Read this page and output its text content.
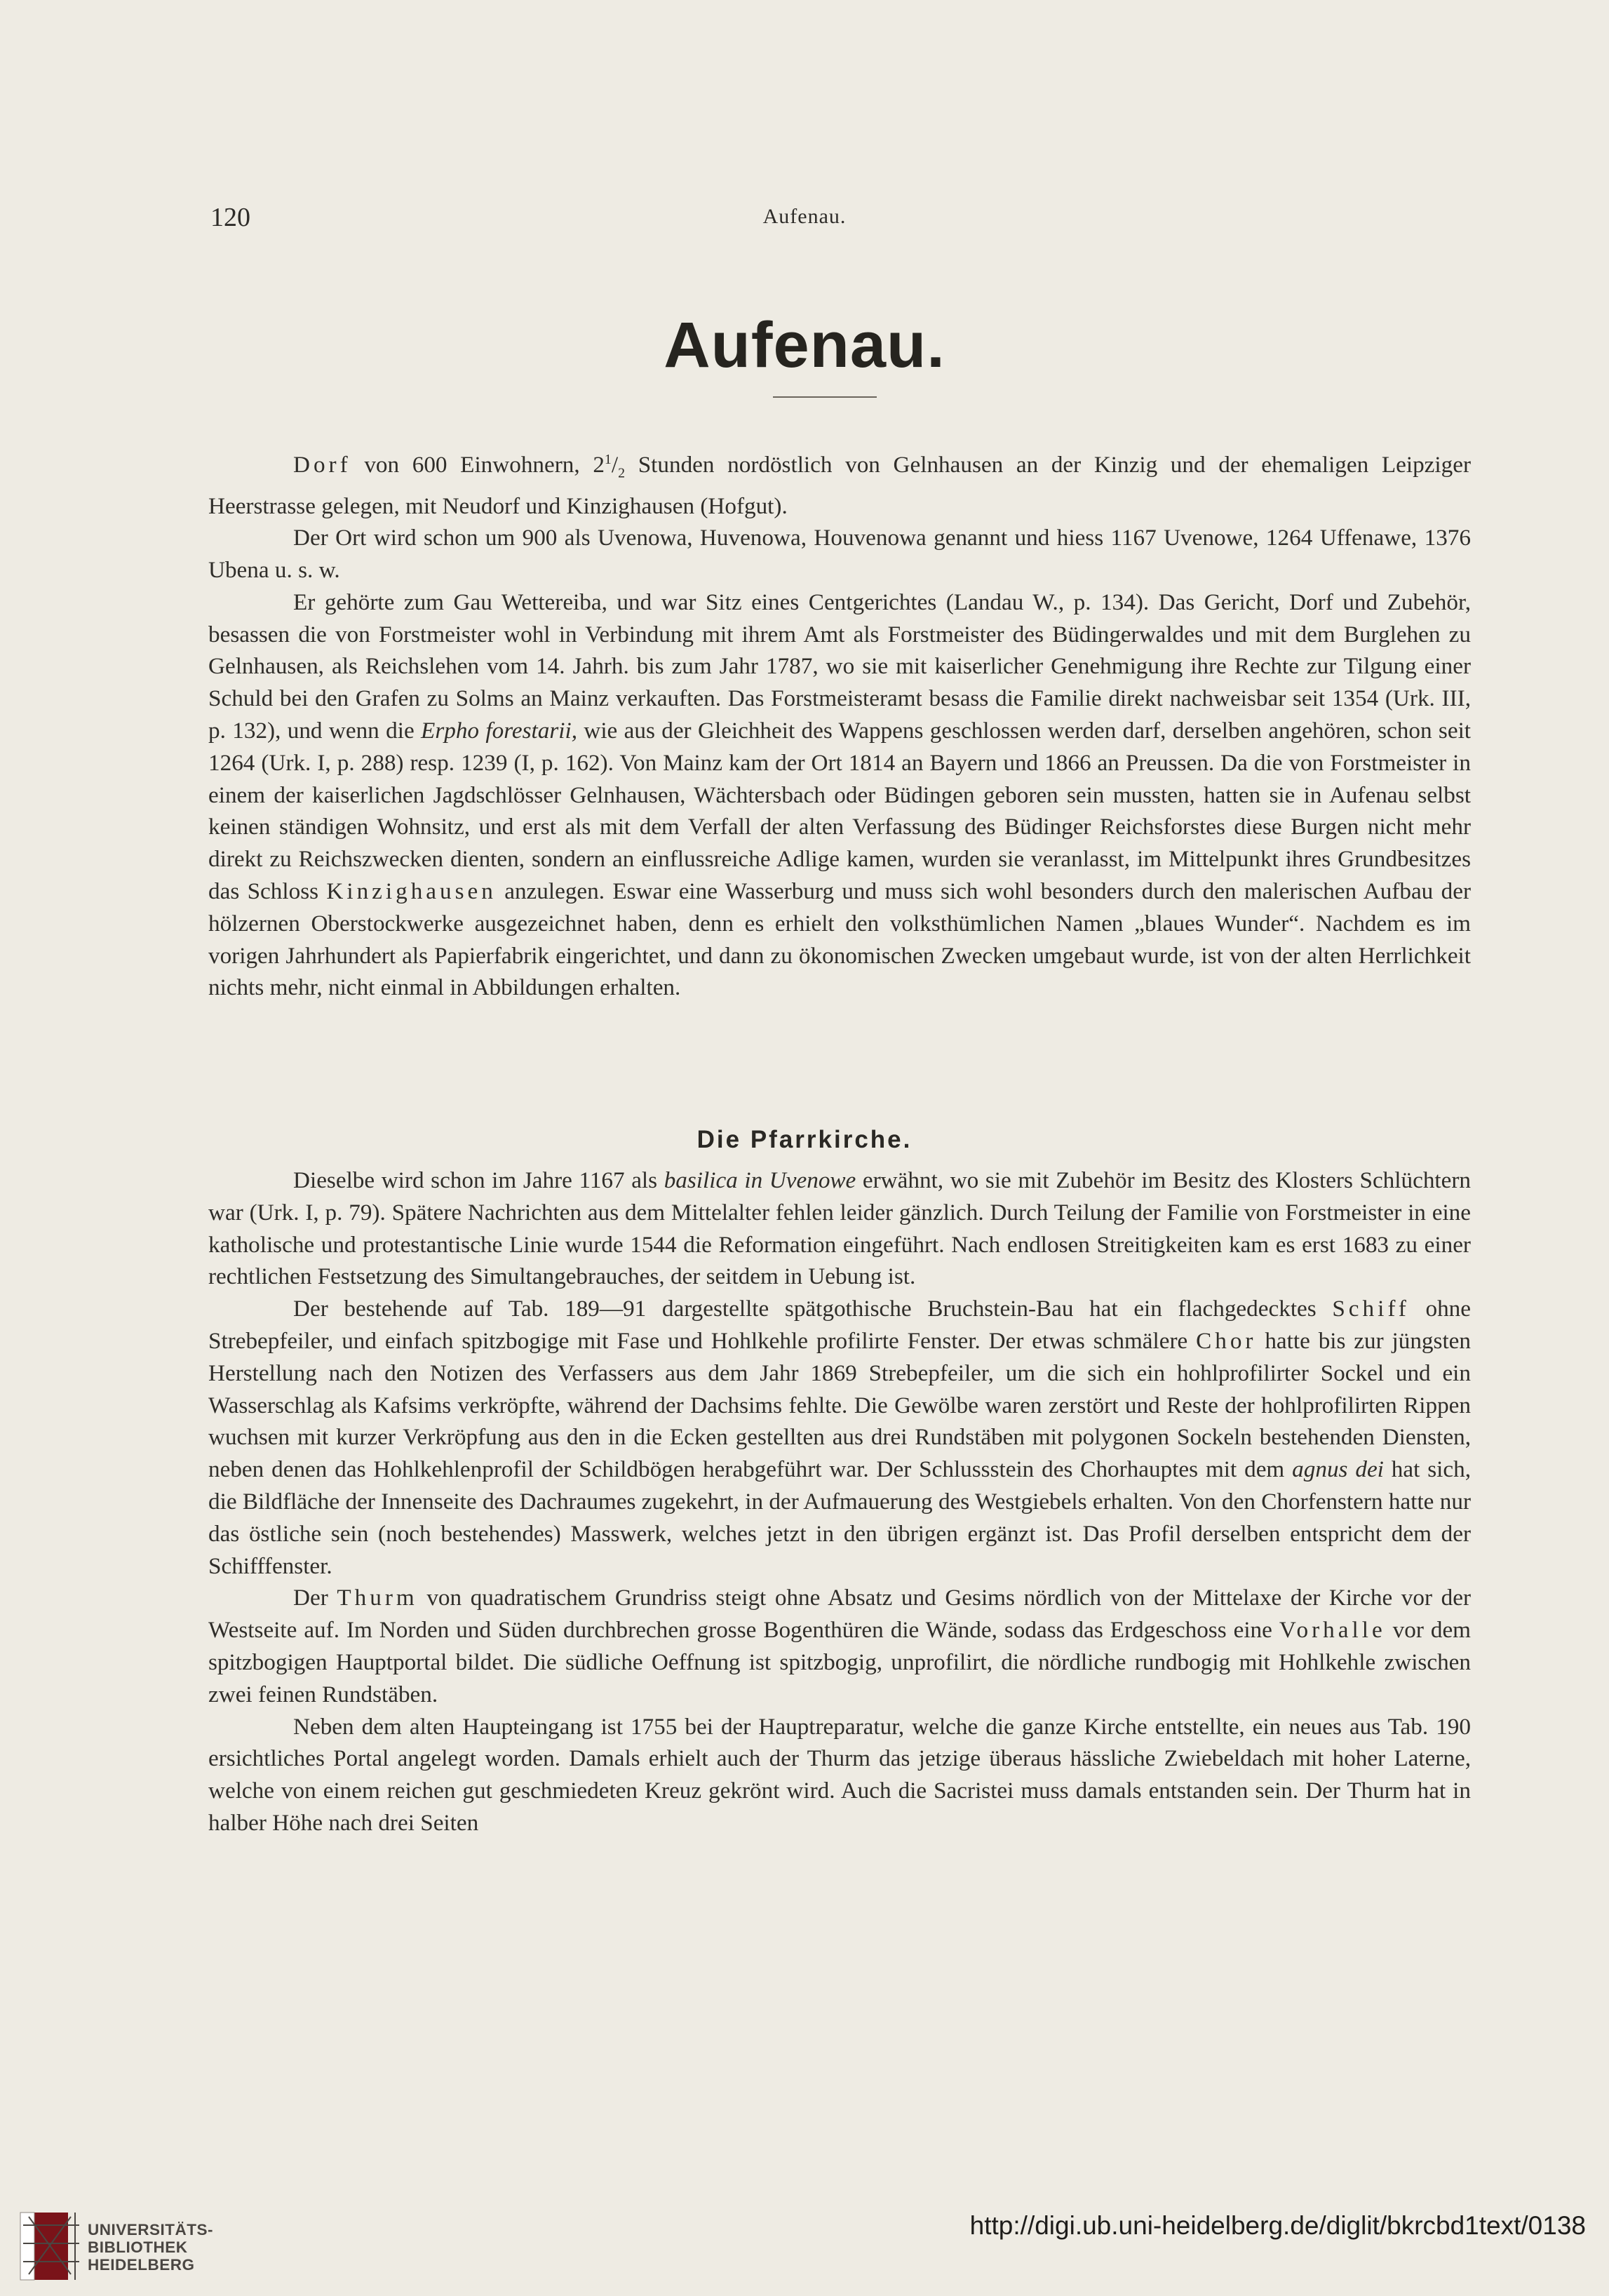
120	Aufenau.
Aufenau.

Dorf von 600 Einwohnern, $2^1/_2$ Stunden nordöstlich von Gelnhausen an der Kinzig und der ehemaligen Leipziger Heerstrasse gelegen, mit Neudorf und Kinzighausen (Hofgut).

Der Ort wird schon um 900 als Uvenowa, Huvenowa, Houvenowa genannt und hiess 1167 Uvenowe, 1264 Uffenawe, 1376 Ubena u. s. w.

Er gehörte zum Gau Wettereiba, und war Sitz eines Centgerichtes (Landau W., p. 134). Das Gericht, Dorf und Zubehör, besassen die von Forstmeister wohl in Verbindung mit ihrem Amt als Forstmeister des Büdingerwaldes und mit dem Burglehen zu Gelnhausen, als Reichslehen vom 14. Jahrh. bis zum Jahr 1787, wo sie mit kaiserlicher Genehmigung ihre Rechte zur Tilgung einer Schuld bei den Grafen zu Solms an Mainz verkauften. Das Forstmeisteramt besass die Familie direkt nachweisbar seit 1354 (Urk. III, p. 132), und wenn die Erpho forestarii, wie aus der Gleichheit des Wappens geschlossen werden darf, derselben angehören, schon seit 1264 (Urk. I, p. 288) resp. 1239 (I, p. 162). Von Mainz kam der Ort 1814 an Bayern und 1866 an Preussen. Da die von Forstmeister in einem der kaiserlichen Jagdschlösser Gelnhausen, Wächtersbach oder Büdingen geboren sein mussten, hatten sie in Aufenau selbst keinen ständigen Wohnsitz, und erst als mit dem Verfall der alten Verfassung des Büdinger Reichsforstes diese Burgen nicht mehr direkt zu Reichszwecken dienten, sondern an einflussreiche Adlige kamen, wurden sie veranlasst, im Mittelpunkt ihres Grundbesitzes das Schloss Kinzighausen anzulegen. Eswar eine Wasserburg und muss sich wohl besonders durch den malerischen Aufbau der hölzernen Oberstockwerke ausgezeichnet haben, denn es erhielt den volksthümlichen Namen „blaues Wunder“. Nachdem es im vorigen Jahrhundert als Papierfabrik eingerichtet, und dann zu ökonomischen Zwecken umgebaut wurde, ist von der alten Herrlichkeit nichts mehr, nicht einmal in Abbildungen erhalten.

Die Pfarrkirche.

Dieselbe wird schon im Jahre 1167 als basilica in Uvenowe erwähnt, wo sie mit Zubehör im Besitz des Klosters Schlüchtern war (Urk. I, p. 79). Spätere Nachrichten aus dem Mittelalter fehlen leider gänzlich. Durch Teilung der Familie von Forstmeister in eine katholische und protestantische Linie wurde 1544 die Reformation eingeführt. Nach endlosen Streitigkeiten kam es erst 1683 zu einer rechtlichen Festsetzung des Simultangebrauches, der seitdem in Uebung ist.

Der bestehende auf Tab. 189—91 dargestellte spätgothische Bruchstein-Bau hat ein flachgedecktes Schiff ohne Strebepfeiler, und einfach spitzbogige mit Fase und Hohlkehle profilirte Fenster. Der etwas schmälere Chor hatte bis zur jüngsten Herstellung nach den Notizen des Verfassers aus dem Jahr 1869 Strebepfeiler, um die sich ein hohlprofilirter Sockel und ein Wasserschlag als Kafsims verkröpfte, während der Dachsims fehlte. Die Gewölbe waren zerstört und Reste der hohlprofilirten Rippen wuchsen mit kurzer Verkröpfung aus den in die Ecken gestellten aus drei Rundstäben mit polygonen Sockeln bestehenden Diensten, neben denen das Hohlkehlenprofil der Schildbögen herabgeführt war. Der Schlussstein des Chorhauptes mit dem agnus dei hat sich, die Bildfläche der Innenseite des Dachraumes zugekehrt, in der Aufmauerung des Westgiebels erhalten. Von den Chorfenstern hatte nur das östliche sein (noch bestehendes) Masswerk, welches jetzt in den übrigen ergänzt ist. Das Profil derselben entspricht dem der Schifffenster.

Der Thurm von quadratischem Grundriss steigt ohne Absatz und Gesims nördlich von der Mittelaxe der Kirche vor der Westseite auf. Im Norden und Süden durchbrechen grosse Bogenthüren die Wände, sodass das Erdgeschoss eine Vorhalle vor dem spitzbogigen Hauptportal bildet. Die südliche Oeffnung ist spitzbogig, unprofilirt, die nördliche rundbogig mit Hohlkehle zwischen zwei feinen Rundstäben.

Neben dem alten Haupteingang ist 1755 bei der Hauptreparatur, welche die ganze Kirche entstellte, ein neues aus Tab. 190 ersichtliches Portal angelegt worden. Damals erhielt auch der Thurm das jetzige überaus hässliche Zwiebeldach mit hoher Laterne, welche von einem reichen gut geschmiedeten Kreuz gekrönt wird. Auch die Sacristei muss damals entstanden sein. Der Thurm hat in halber Höhe nach drei Seiten

UNIVERSITÄTS-
BIBLIOTHEK
HEIDELBERG
http://digi.ub.uni-heidelberg.de/diglit/bkrcbd1text/0138
